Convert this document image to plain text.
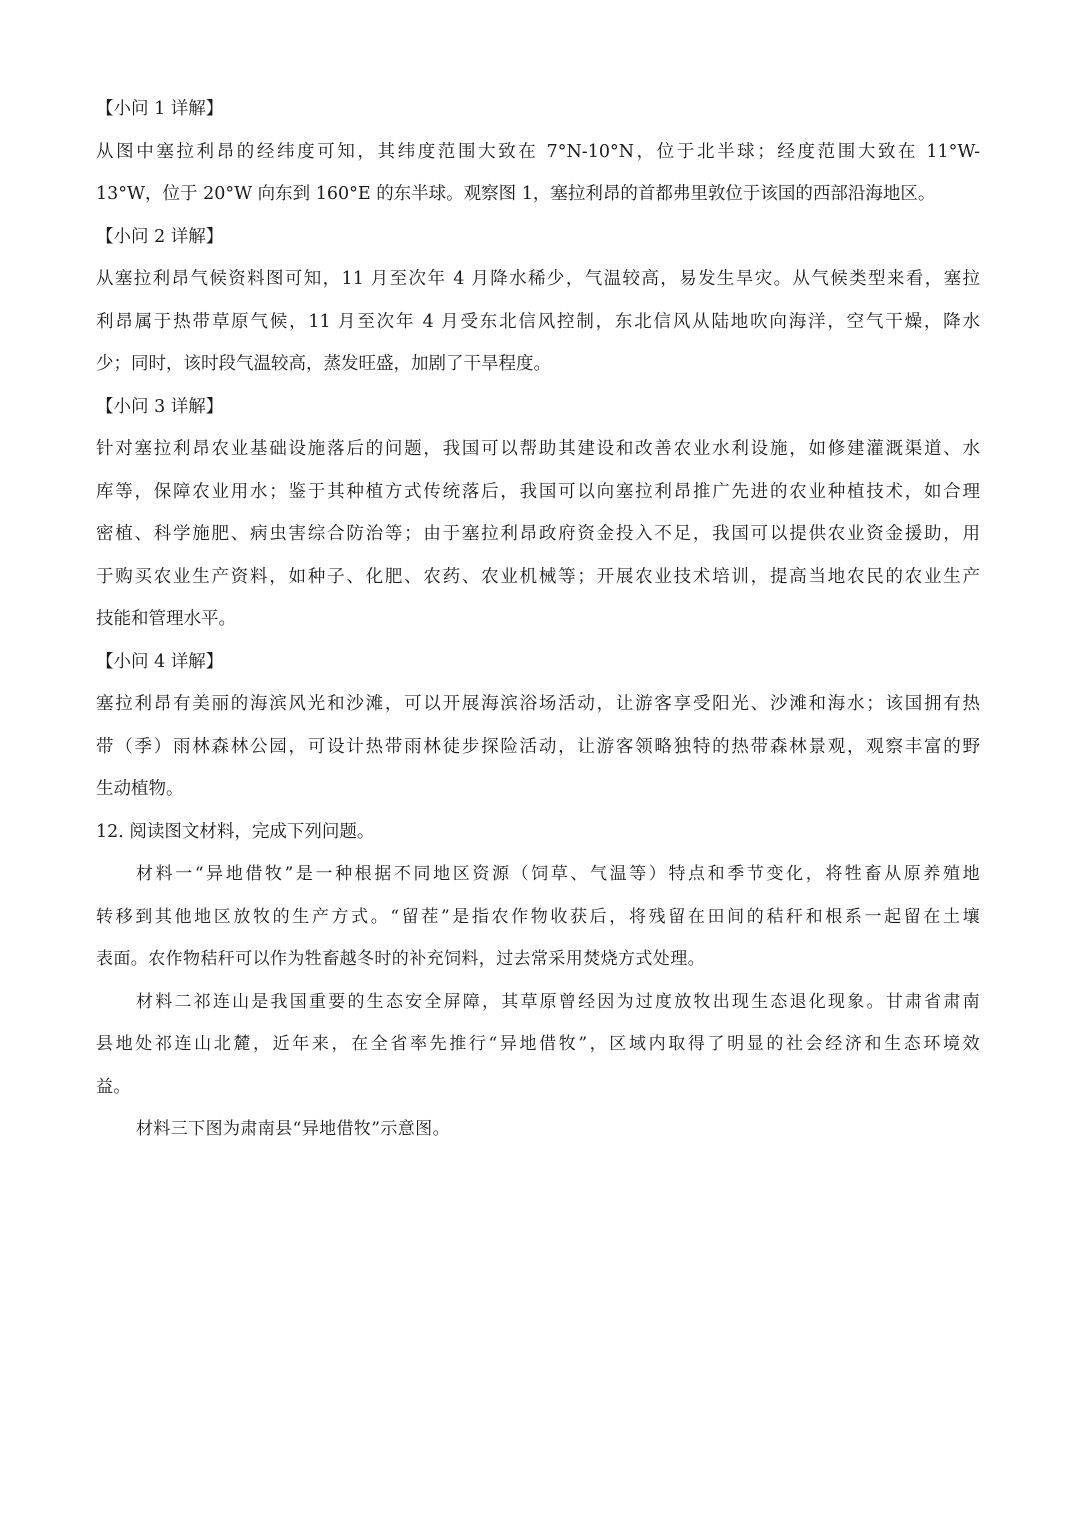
【小问 1 详解】
从图中塞拉利昂的经纬度可知，其纬度范围大致在 7°N-10°N，位于北半球；经度范围大致在 11°W-
13°W，位于 20°W 向东到 160°E 的东半球。观察图 1，塞拉利昂的首都弗里敦位于该国的西部沿海地区。
【小问 2 详解】
从塞拉利昂气候资料图可知，11 月至次年 4 月降水稀少，气温较高，易发生旱灾。从气候类型来看，塞拉
利昂属于热带草原气候，11 月至次年 4 月受东北信风控制，东北信风从陆地吹向海洋，空气干燥，降水
少；同时，该时段气温较高，蒸发旺盛，加剧了干旱程度。
【小问 3 详解】
针对塞拉利昂农业基础设施落后的问题，我国可以帮助其建设和改善农业水利设施，如修建灌溉渠道、水
库等，保障农业用水；鉴于其种植方式传统落后，我国可以向塞拉利昂推广先进的农业种植技术，如合理
密植、科学施肥、病虫害综合防治等；由于塞拉利昂政府资金投入不足，我国可以提供农业资金援助，用
于购买农业生产资料，如种子、化肥、农药、农业机械等；开展农业技术培训，提高当地农民的农业生产
技能和管理水平。
【小问 4 详解】
塞拉利昂有美丽的海滨风光和沙滩，可以开展海滨浴场活动，让游客享受阳光、沙滩和海水；该国拥有热
带（季）雨林森林公园，可设计热带雨林徒步探险活动，让游客领略独特的热带森林景观，观察丰富的野
生动植物。
12. 阅读图文材料，完成下列问题。
材料一“异地借牧”是一种根据不同地区资源（饲草、气温等）特点和季节变化，将牲畜从原养殖地
转移到其他地区放牧的生产方式。“留茬”是指农作物收获后，将残留在田间的秸秆和根系一起留在土壤
表面。农作物秸秆可以作为牲畜越冬时的补充饲料，过去常采用焚烧方式处理。
材料二祁连山是我国重要的生态安全屏障，其草原曾经因为过度放牧出现生态退化现象。甘肃省肃南
县地处祁连山北麓，近年来，在全省率先推行“异地借牧”，区域内取得了明显的社会经济和生态环境效
益。
材料三下图为肃南县“异地借牧”示意图。
